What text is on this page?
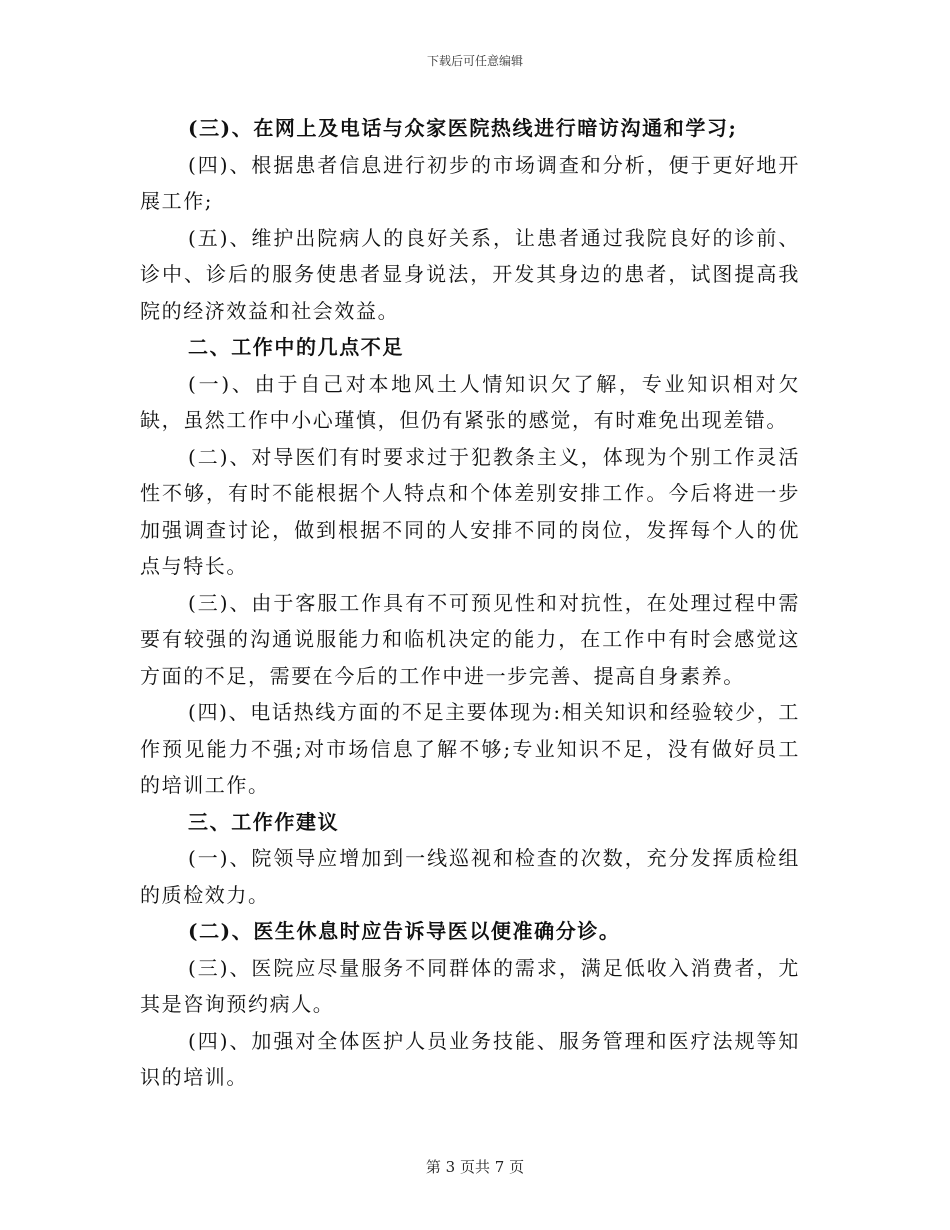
下载后可任意编辑

(三)、在网上及电话与众家医院热线进行暗访沟通和学习;

(四)、根据患者信息进行初步的市场调查和分析，便于更好地开展工作;

(五)、维护出院病人的良好关系，让患者通过我院良好的诊前、诊中、诊后的服务使患者显身说法，开发其身边的患者，试图提高我院的经济效益和社会效益。

二、工作中的几点不足

(一)、由于自己对本地风土人情知识欠了解，专业知识相对欠缺，虽然工作中小心瑾慎，但仍有紧张的感觉，有时难免出现差错。

(二)、对导医们有时要求过于犯教条主义，体现为个别工作灵活性不够，有时不能根据个人特点和个体差别安排工作。今后将进一步加强调查讨论，做到根据不同的人安排不同的岗位，发挥每个人的优点与特长。

(三)、由于客服工作具有不可预见性和对抗性，在处理过程中需要有较强的沟通说服能力和临机决定的能力，在工作中有时会感觉这方面的不足，需要在今后的工作中进一步完善、提高自身素养。

(四)、电话热线方面的不足主要体现为:相关知识和经验较少，工作预见能力不强;对市场信息了解不够;专业知识不足，没有做好员工的培训工作。

三、工作作建议

(一)、院领导应增加到一线巡视和检查的次数，充分发挥质检组的质检效力。

(二)、医生休息时应告诉导医以便准确分诊。

(三)、医院应尽量服务不同群体的需求，满足低收入消费者，尤其是咨询预约病人。

(四)、加强对全体医护人员业务技能、服务管理和医疗法规等知识的培训。

第 3 页共 7 页
